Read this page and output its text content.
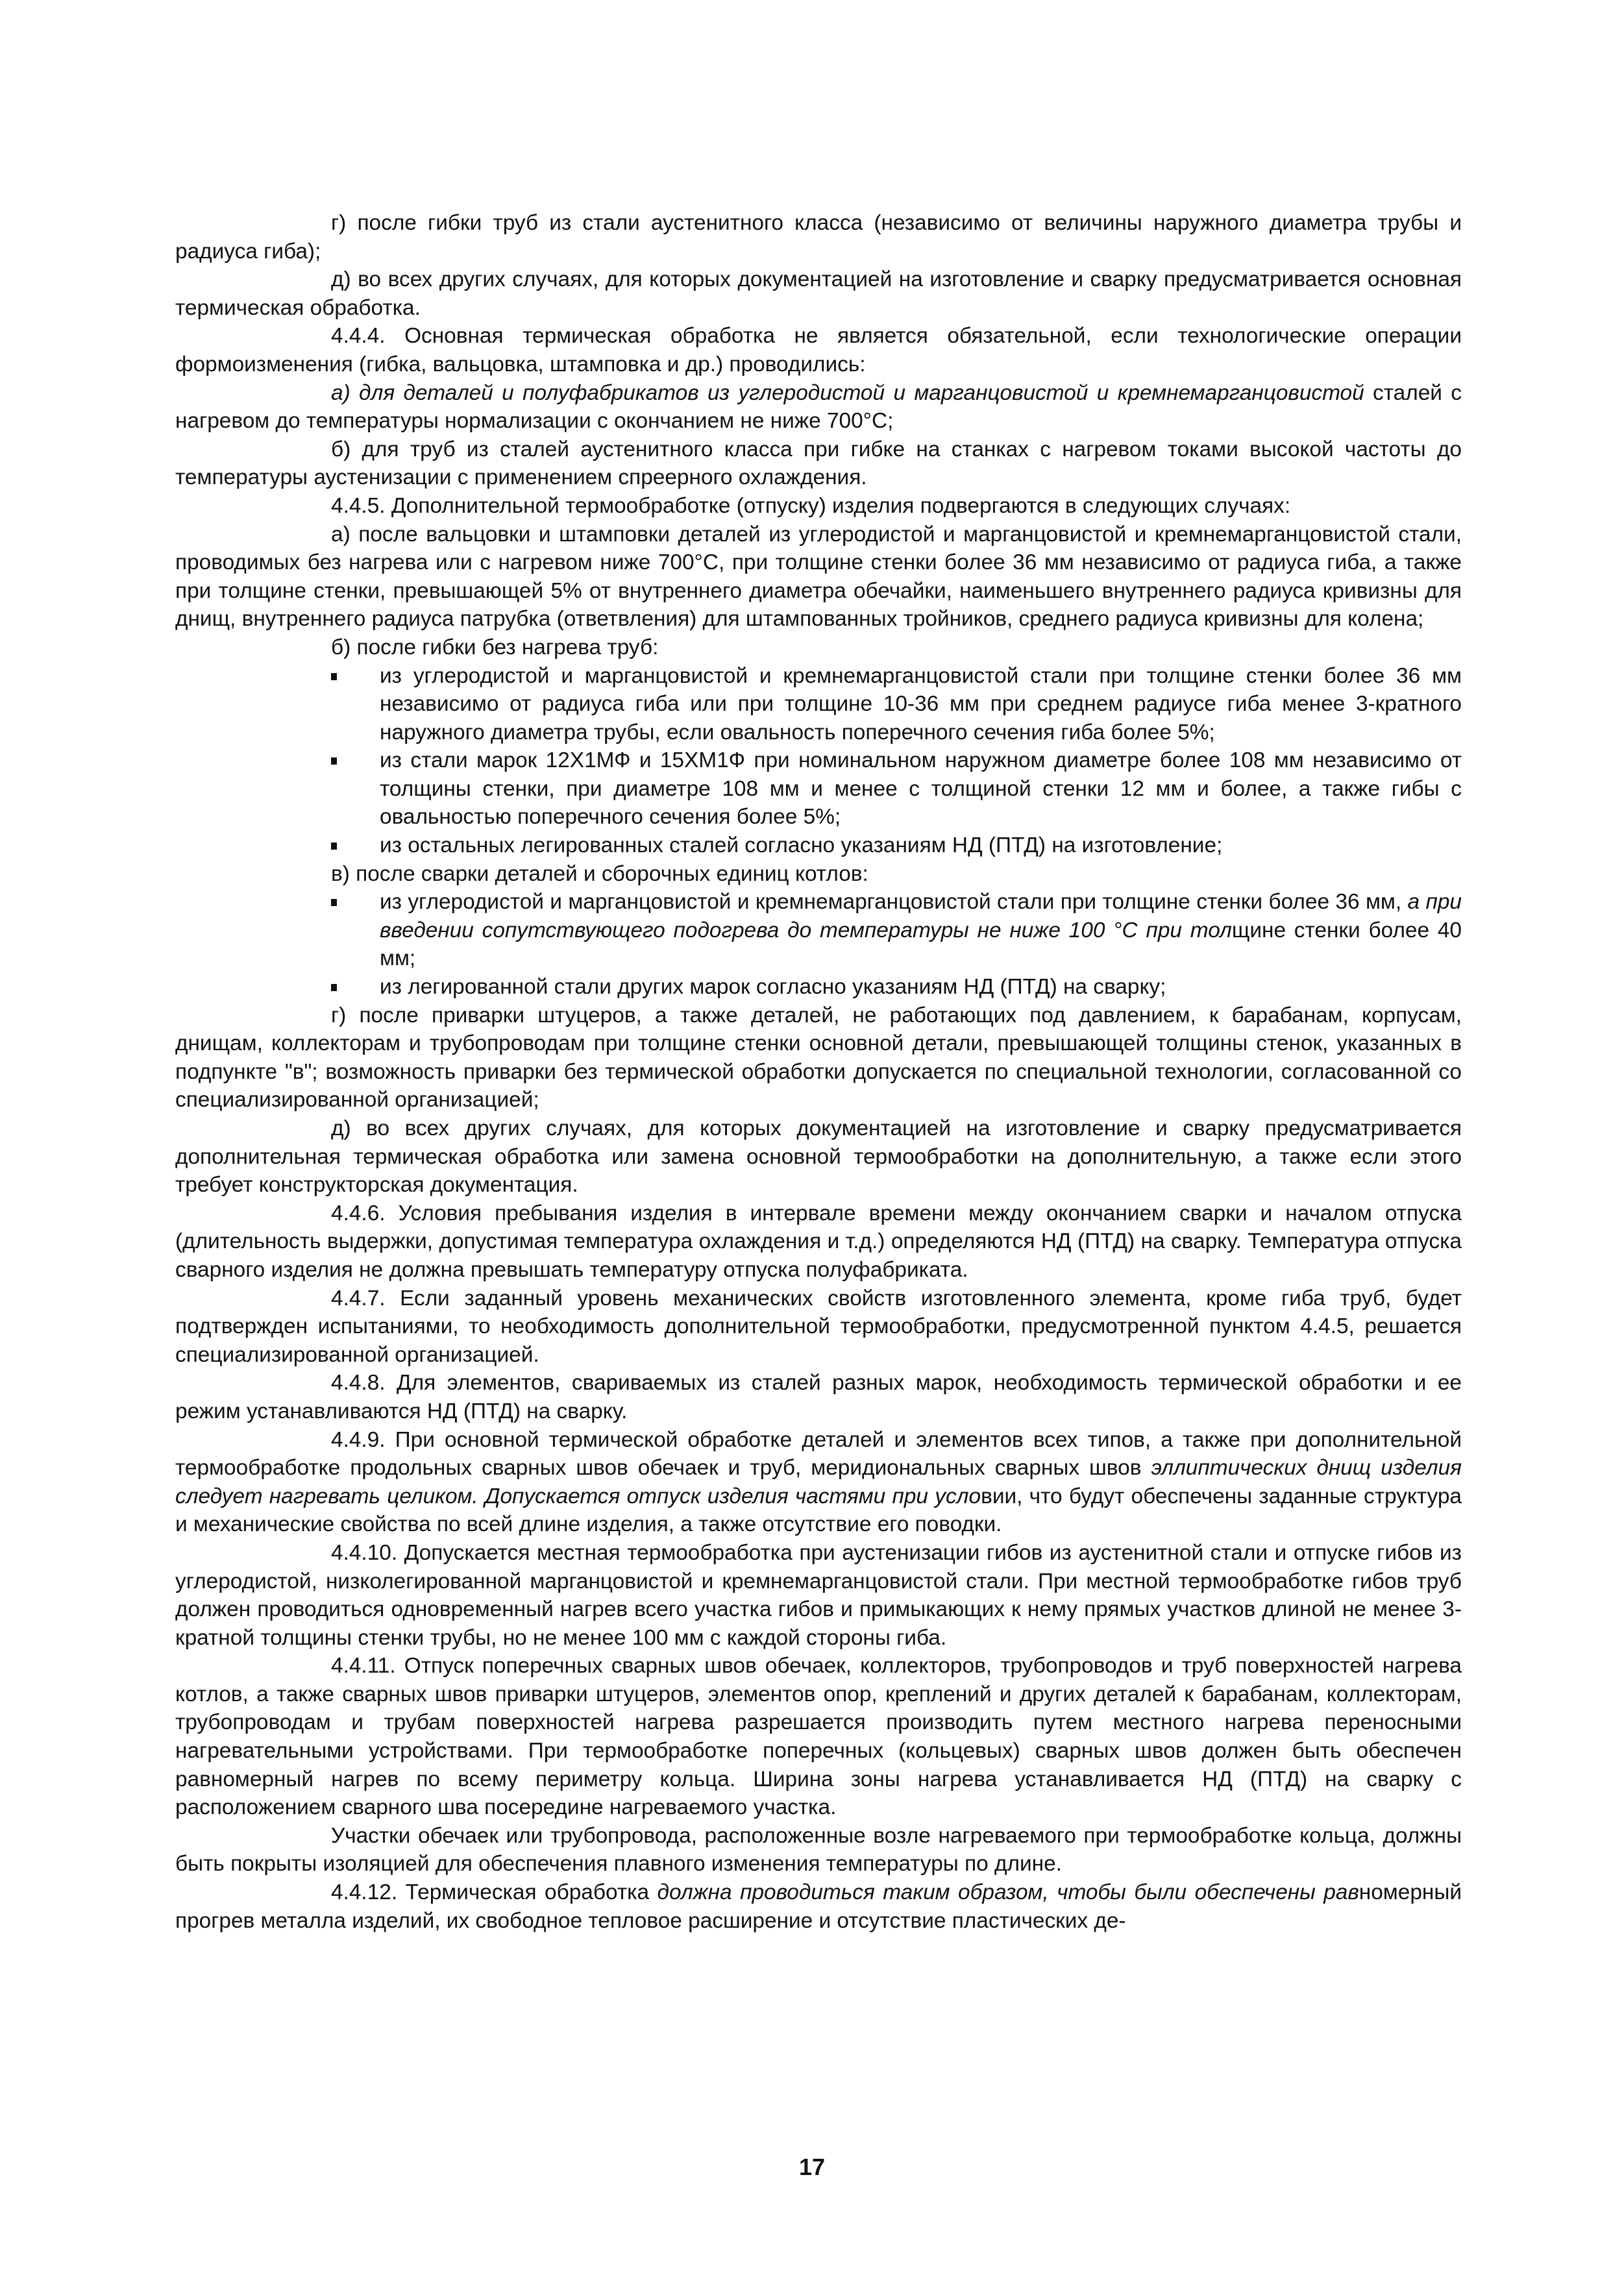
г) после гибки труб из стали аустенитного класса (независимо от величины наружного диаметра трубы и радиуса гиба);

д) во всех других случаях, для которых документацией на изготовление и сварку предусматривается основная термическая обработка.

4.4.4. Основная термическая обработка не является обязательной, если технологические операции формоизменения (гибка, вальцовка, штамповка и др.) проводились:

а) для деталей и полуфабрикатов из углеродистой и марганцовистой и кремнемарганцовистой сталей с нагревом до температуры нормализации с окончанием не ниже 700°С;

б) для труб из сталей аустенитного класса при гибке на станках с нагревом токами высокой частоты до температуры аустенизации с применением спреерного охлаждения.

4.4.5. Дополнительной термообработке (отпуску) изделия подвергаются в следующих случаях:

а) после вальцовки и штамповки деталей из углеродистой и марганцовистой и кремнемарганцовистой стали, проводимых без нагрева или с нагревом ниже 700°С, при толщине стенки более 36 мм независимо от радиуса гиба, а также при толщине стенки, превышающей 5% от внутреннего диаметра обечайки, наименьшего внутреннего радиуса кривизны для днищ, внутреннего радиуса патрубка (ответвления) для штампованных тройников, среднего радиуса кривизны для колена;

б) после гибки без нагрева труб:

из углеродистой и марганцовистой и кремнемарганцовистой стали при толщине стенки более 36 мм независимо от радиуса гиба или при толщине 10-36 мм при среднем радиусе гиба менее 3-кратного наружного диаметра трубы, если овальность поперечного сечения гиба более 5%;
из стали марок 12Х1МФ и 15ХМ1Ф при номинальном наружном диаметре более 108 мм независимо от толщины стенки, при диаметре 108 мм и менее с толщиной стенки 12 мм и более, а также гибы с овальностью поперечного сечения более 5%;
из остальных легированных сталей согласно указаниям НД (ПТД) на изготовление;

в) после сварки деталей и сборочных единиц котлов:

из углеродистой и марганцовистой и кремнемарганцовистой стали при толщине стенки более 36 мм, а при введении сопутствующего подогрева до температуры не ниже 100 °С при толщине стенки более 40 мм;
из легированной стали других марок согласно указаниям НД (ПТД) на сварку;

г) после приварки штуцеров, а также деталей, не работающих под давлением, к барабанам, корпусам, днищам, коллекторам и трубопроводам при толщине стенки основной детали, превышающей толщины стенок, указанных в подпункте "в"; возможность приварки без термической обработки допускается по специальной технологии, согласованной со специализированной организацией;

д) во всех других случаях, для которых документацией на изготовление и сварку предусматривается дополнительная термическая обработка или замена основной термообработки на дополнительную, а также если этого требует конструкторская документация.

4.4.6. Условия пребывания изделия в интервале времени между окончанием сварки и началом отпуска (длительность выдержки, допустимая температура охлаждения и т.д.) определяются НД (ПТД) на сварку. Температура отпуска сварного изделия не должна превышать температуру отпуска полуфабриката.

4.4.7. Если заданный уровень механических свойств изготовленного элемента, кроме гиба труб, будет подтвержден испытаниями, то необходимость дополнительной термообработки, предусмотренной пунктом 4.4.5, решается специализированной организацией.

4.4.8. Для элементов, свариваемых из сталей разных марок, необходимость термической обработки и ее режим устанавливаются НД (ПТД) на сварку.

4.4.9. При основной термической обработке деталей и элементов всех типов, а также при дополнительной термообработке продольных сварных швов обечаек и труб, меридиональных сварных швов эллиптических днищ изделия следует нагревать целиком. Допускается отпуск изделия частями при условии, что будут обеспечены заданные структура и механические свойства по всей длине изделия, а также отсутствие его поводки.

4.4.10. Допускается местная термообработка при аустенизации гибов из аустенитной стали и отпуске гибов из углеродистой, низколегированной марганцовистой и кремнемарганцовистой стали. При местной термообработке гибов труб должен проводиться одновременный нагрев всего участка гибов и примыкающих к нему прямых участков длиной не менее 3-кратной толщины стенки трубы, но не менее 100 мм с каждой стороны гиба.

4.4.11. Отпуск поперечных сварных швов обечаек, коллекторов, трубопроводов и труб поверхностей нагрева котлов, а также сварных швов приварки штуцеров, элементов опор, креплений и других деталей к барабанам, коллекторам, трубопроводам и трубам поверхностей нагрева разрешается производить путем местного нагрева переносными нагревательными устройствами. При термообработке поперечных (кольцевых) сварных швов должен быть обеспечен равномерный нагрев по всему периметру кольца. Ширина зоны нагрева устанавливается НД (ПТД) на сварку с расположением сварного шва посередине нагреваемого участка.

Участки обечаек или трубопровода, расположенные возле нагреваемого при термообработке кольца, должны быть покрыты изоляцией для обеспечения плавного изменения температуры по длине.

4.4.12. Термическая обработка должна проводиться таким образом, чтобы были обеспечены равномерный прогрев металла изделий, их свободное тепловое расширение и отсутствие пластических де-

17
